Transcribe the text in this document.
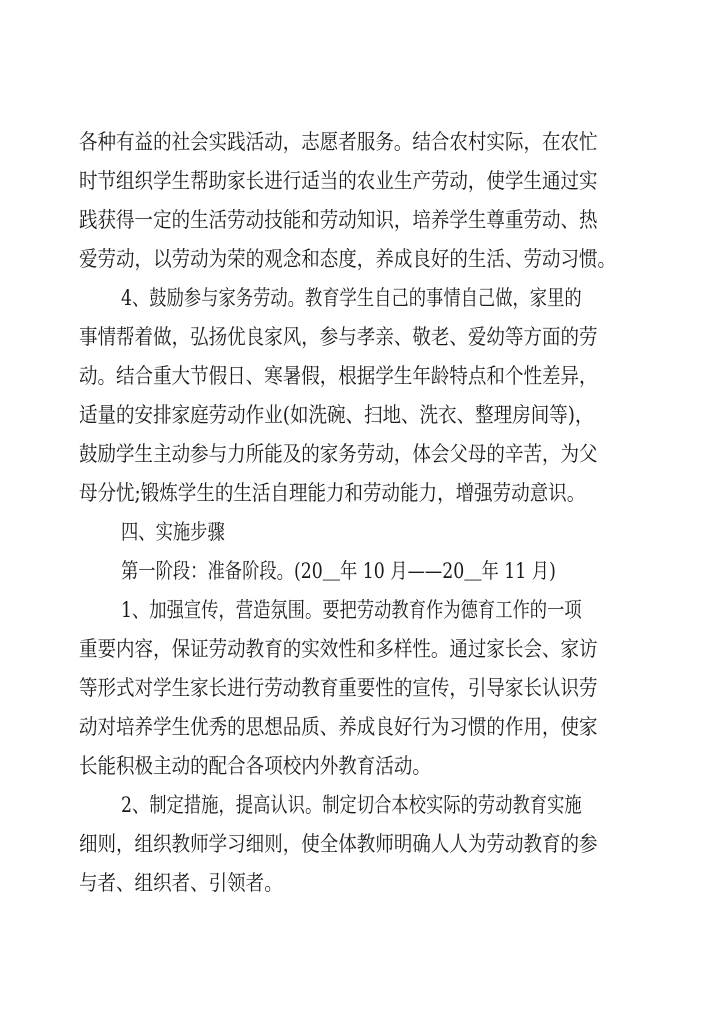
各种有益的社会实践活动，志愿者服务。结合农村实际，在农忙

时节组织学生帮助家长进行适当的农业生产劳动，使学生通过实

践获得一定的生活劳动技能和劳动知识，培养学生尊重劳动、热

爱劳动，以劳动为荣的观念和态度，养成良好的生活、劳动习惯。

4、鼓励参与家务劳动。教育学生自己的事情自己做，家里的

事情帮着做，弘扬优良家风，参与孝亲、敬老、爱幼等方面的劳

动。结合重大节假日、寒暑假，根据学生年龄特点和个性差异，

适量的安排家庭劳动作业(如洗碗、扫地、洗衣、整理房间等)，

鼓励学生主动参与力所能及的家务劳动，体会父母的辛苦，为父

母分忧;锻炼学生的生活自理能力和劳动能力，增强劳动意识。

四、实施步骤

第一阶段：准备阶段。(20＿年 10 月——20＿年 11 月)

1、加强宣传，营造氛围。要把劳动教育作为德育工作的一项

重要内容，保证劳动教育的实效性和多样性。通过家长会、家访

等形式对学生家长进行劳动教育重要性的宣传，引导家长认识劳

动对培养学生优秀的思想品质、养成良好行为习惯的作用，使家

长能积极主动的配合各项校内外教育活动。

2、制定措施，提高认识。制定切合本校实际的劳动教育实施

细则，组织教师学习细则，使全体教师明确人人为劳动教育的参

与者、组织者、引领者。
